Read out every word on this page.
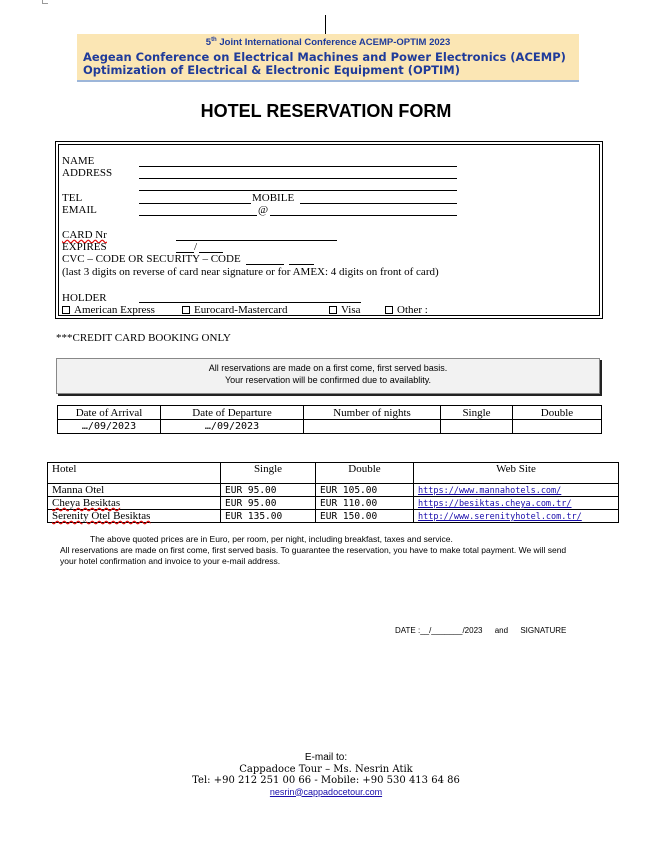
5th Joint International Conference ACEMP-OPTIM 2023
Aegean Conference on Electrical Machines and Power Electronics (ACEMP)
Optimization of Electrical & Electronic Equipment (OPTIM)
HOTEL RESERVATION FORM
NAME
ADDRESS
TEL	MOBILE
EMAIL	@
CARD Nr
EXPIRES	/
CVC – CODE OR SECURITY – CODE
(last 3 digits on reverse of card near signature or for AMEX: 4 digits on front of card)
HOLDER
American Express	Eurocard-Mastercard	Visa	Other :
***CREDIT CARD BOOKING ONLY
All reservations are made on a first come, first served basis.
Your reservation will be confirmed due to availablity.
Date of Arrival	Date of Departure	Number of nights	Single	Double
…/09/2023	…/09/2023			
Hotel	Single	Double	Web Site
Manna Otel	EUR 95.00	EUR 105.00	https://www.mannahotels.com/
Cheya Besiktas	EUR 95.00	EUR 110.00	https://besiktas.cheya.com.tr/
Serenity Otel Besiktas	EUR 135.00	EUR 150.00	http://www.serenityhotel.com.tr/
The above quoted prices are in Euro, per room, per night, including breakfast, taxes and service.
All reservations are made on first come, first served basis. To guarantee the reservation, you have to make total payment. We will send your hotel confirmation and invoice to your e-mail address.
DATE :__/_______/2023 and SIGNATURE
E-mail to:
Cappadoce Tour – Ms. Nesrin Atik
Tel: +90 212 251 00 66 - Mobile: +90 530 413 64 86
nesrin@cappadocetour.com
